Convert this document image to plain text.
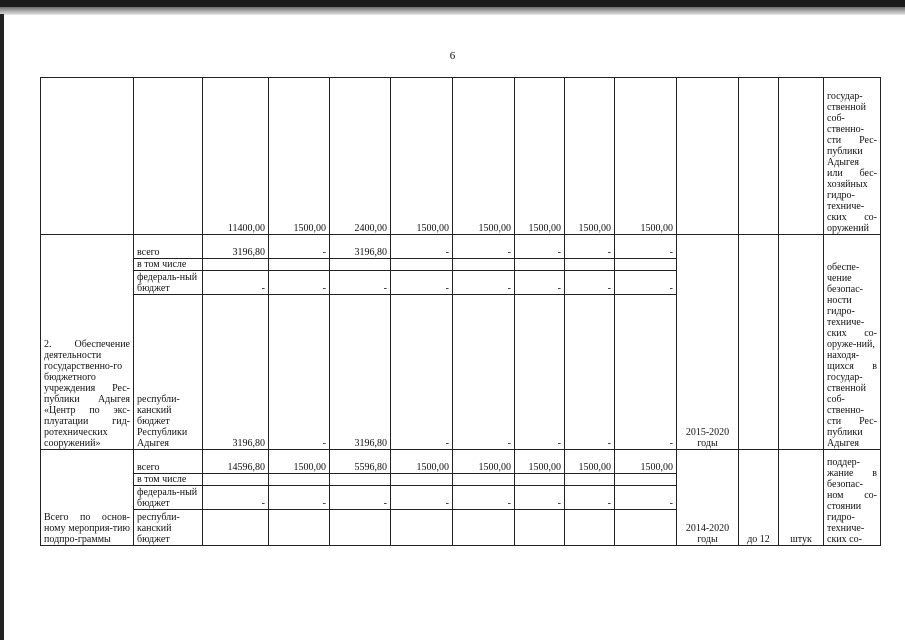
6
		11400,00	1500,00	2400,00	1500,00	1500,00	1500,00	1500,00	1500,00				государ-ственной соб-ственно-сти Рес-публики Адыгея или бес-хозяйных гидро-техниче-ских со-оружений
2. Обеспечение деятельности государственно-го бюджетного учреждения Рес-публики Адыгея «Центр по экс-плуатации гид-ротехнических сооружений»	всего	3196,80	-	3196,80	-	-	-	-	-	2015-2020 годы			обеспе-чение безопас-ности гидро-техниче-ских со-оруже-ний, находя-щихся в государ-ственной соб-ственно-сти Рес-публики Адыгея
	в том числе												
	федераль-ный бюджет	-	-	-	-	-	-	-	-				
	республи-канский бюджет Республики Адыгея	3196,80	-	3196,80	-	-	-	-	-				
Всего по основ-ному мероприя-тию подпро-граммы	всего	14596,80	1500,00	5596,80	1500,00	1500,00	1500,00	1500,00	1500,00	2014-2020 годы	до 12	штук	поддер-жание в безопас-ном со-стоянии гидро-техниче-ских со-
	в том числе												
	федераль-ный бюджет	-	-	-	-	-	-	-	-				
	республи-канский бюджет												
